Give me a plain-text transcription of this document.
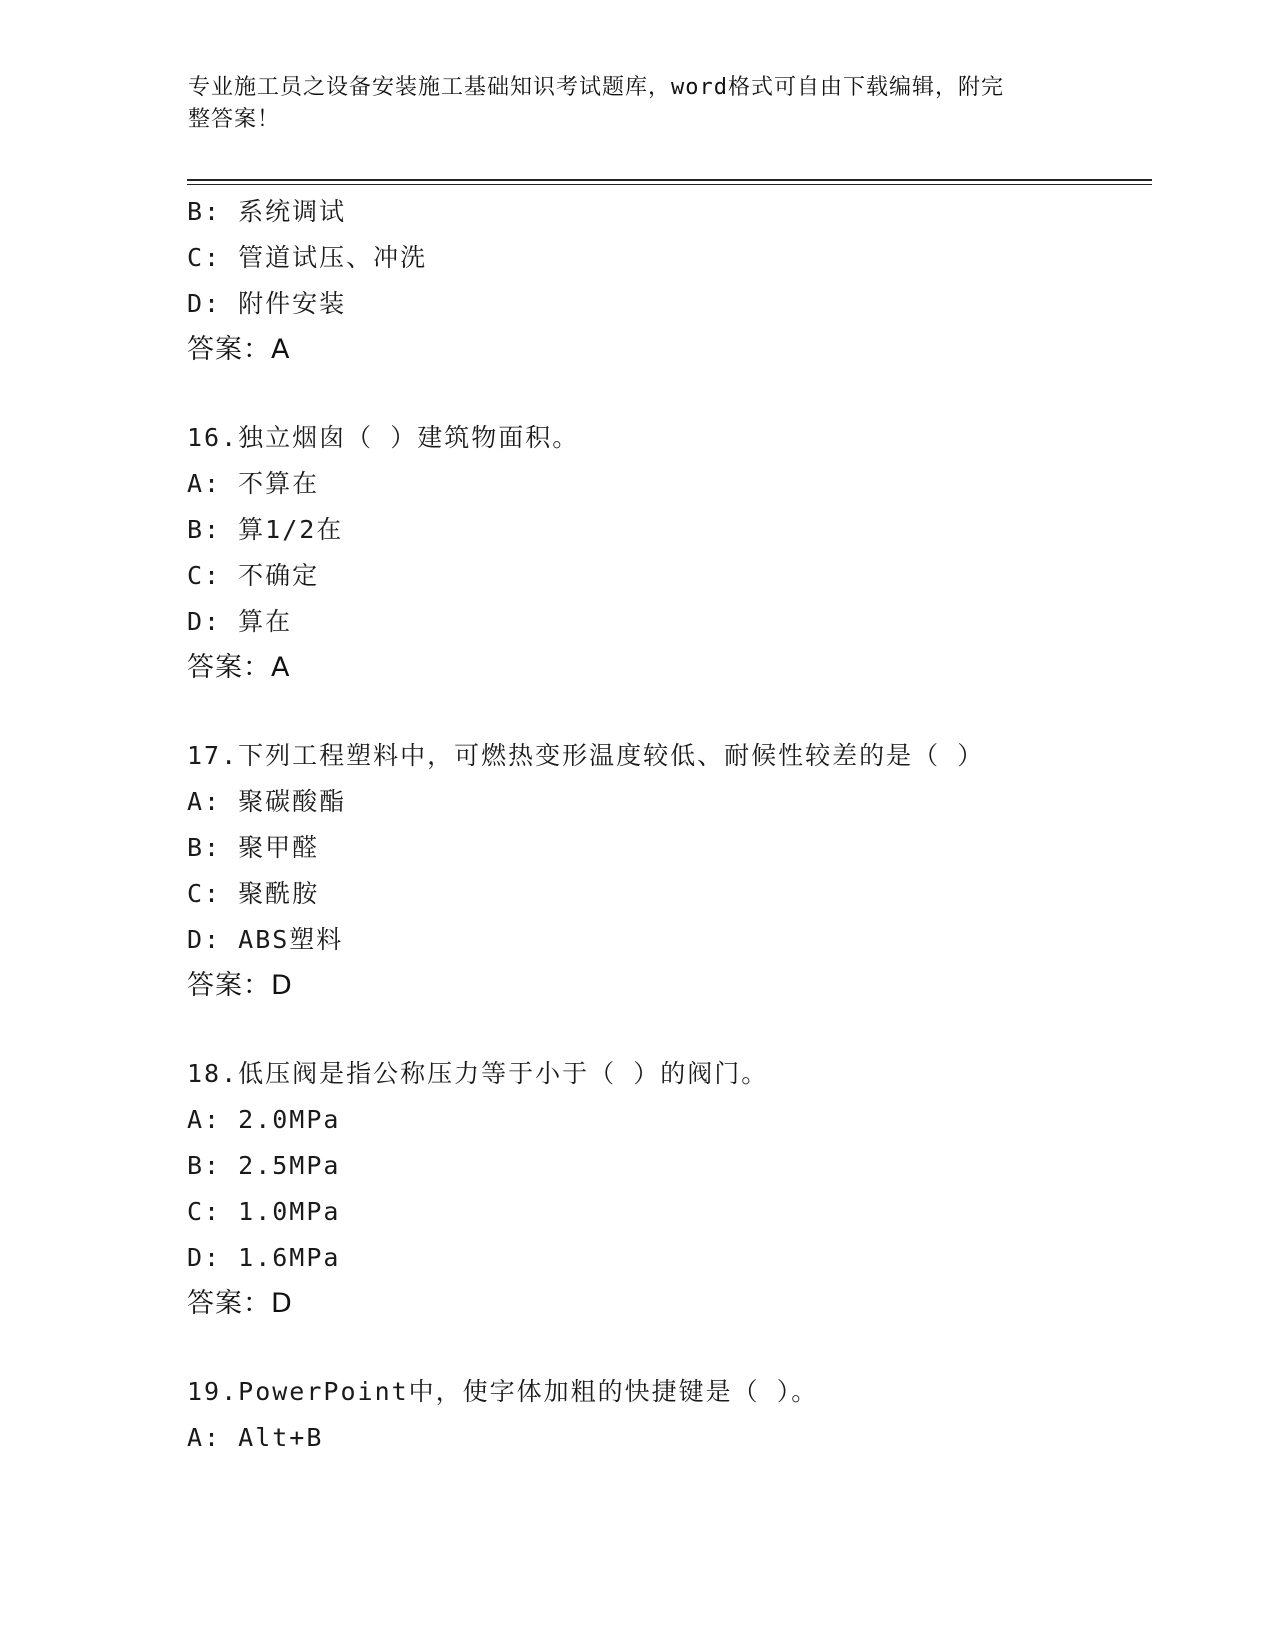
专业施工员之设备安装施工基础知识考试题库，word格式可自由下载编辑，附完
整答案！
B: 系统调试
C: 管道试压、冲洗
D: 附件安装
答案：A
16.独立烟囱（ ）建筑物面积。
A: 不算在
B: 算1/2在
C: 不确定
D: 算在
答案：A
17.下列工程塑料中，可燃热变形温度较低、耐候性较差的是（ ）
A: 聚碳酸酯
B: 聚甲醛
C: 聚酰胺
D: ABS塑料
答案：D
18.低压阀是指公称压力等于小于（ ）的阀门。
A: 2.0MPa
B: 2.5MPa
C: 1.0MPa
D: 1.6MPa
答案：D
19.PowerPoint中，使字体加粗的快捷键是（ ）。
A: Alt+B
